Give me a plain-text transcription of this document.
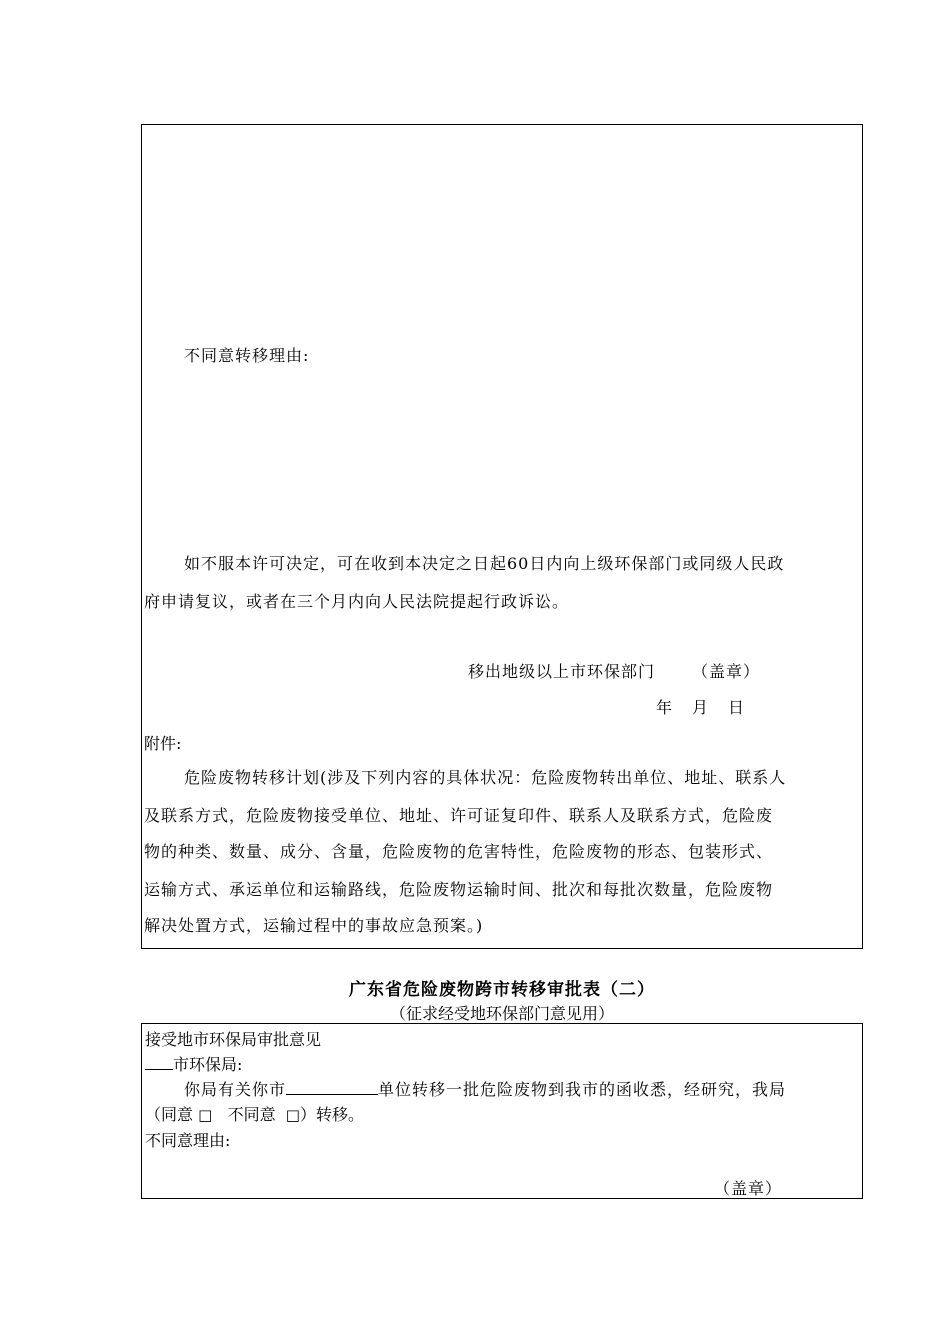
不同意转移理由:
如不服本许可决定，可在收到本决定之日起60日内向上级环保部门或同级人民政
府申请复议，或者在三个月内向人民法院提起行政诉讼。
移出地级以上市环保部门 （盖章）
年　月　日
附件:
危险废物转移计划(涉及下列内容的具体状况：危险废物转出单位、地址、联系人
及联系方式，危险废物接受单位、地址、许可证复印件、联系人及联系方式，危险废
物的种类、数量、成分、含量，危险废物的危害特性，危险废物的形态、包装形式、
运输方式、承运单位和运输路线，危险废物运输时间、批次和每批次数量，危险废物
解决处置方式，运输过程中的事故应急预案。)
广东省危险废物跨市转移审批表（二）
（征求经受地环保部门意见用）
接受地市环保局审批意见
市环保局:
你局有关你市	单位转移一批危险废物到我市的函收悉，经研究，我局
（同意 □ 不同意 □）转移。
不同意理由:
（盖章）
